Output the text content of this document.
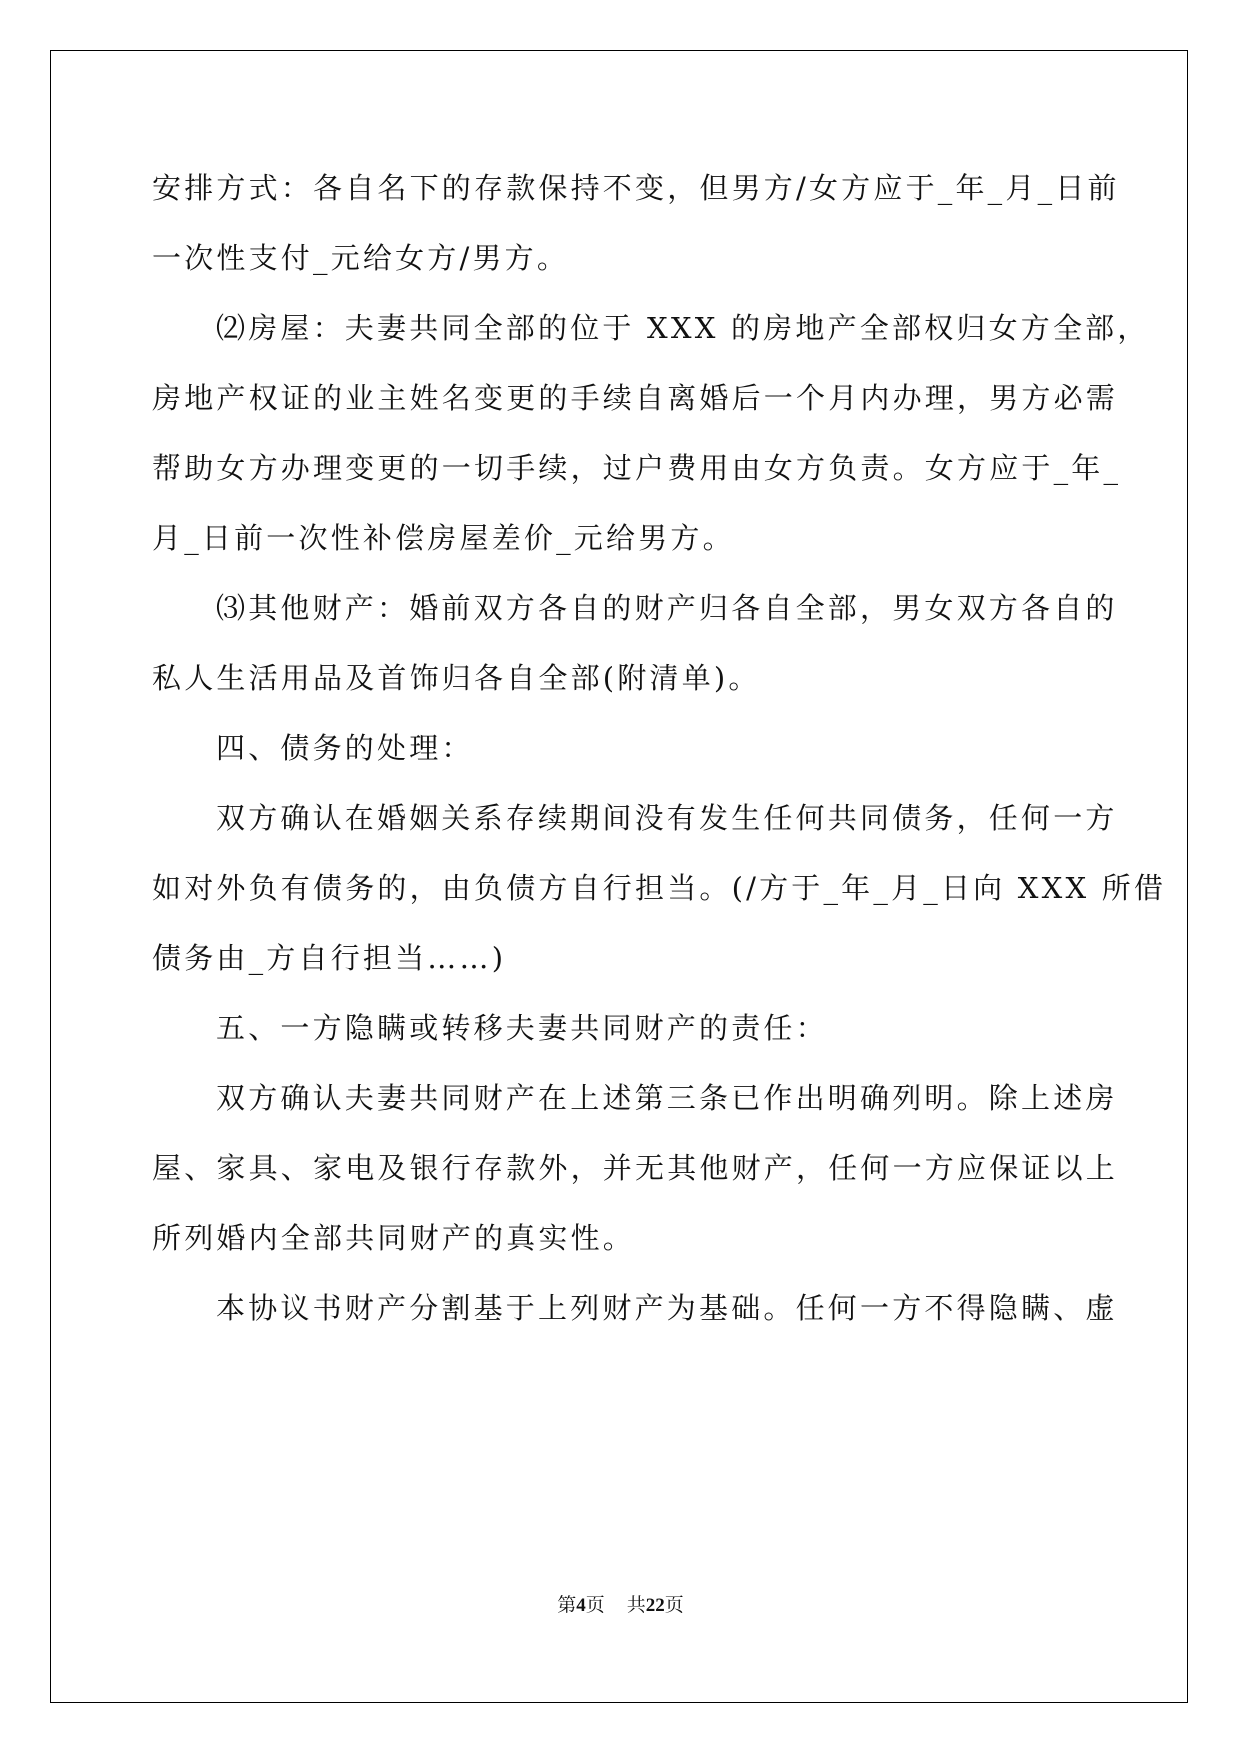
安排方式：各自名下的存款保持不变，但男方/女方应于_年_月_日前
一次性支付_元给女方/男方。
⑵房屋：夫妻共同全部的位于 XXX 的房地产全部权归女方全部，
房地产权证的业主姓名变更的手续自离婚后一个月内办理，男方必需
帮助女方办理变更的一切手续，过户费用由女方负责。女方应于_年_
月_日前一次性补偿房屋差价_元给男方。
⑶其他财产：婚前双方各自的财产归各自全部，男女双方各自的
私人生活用品及首饰归各自全部(附清单)。
四、债务的处理：
双方确认在婚姻关系存续期间没有发生任何共同债务，任何一方
如对外负有债务的，由负债方自行担当。(/方于_年_月_日向 XXX 所借
债务由_方自行担当……)
五、一方隐瞒或转移夫妻共同财产的责任：
双方确认夫妻共同财产在上述第三条已作出明确列明。除上述房
屋、家具、家电及银行存款外，并无其他财产，任何一方应保证以上
所列婚内全部共同财产的真实性。
本协议书财产分割基于上列财产为基础。任何一方不得隐瞒、虚
第4页 共22页
